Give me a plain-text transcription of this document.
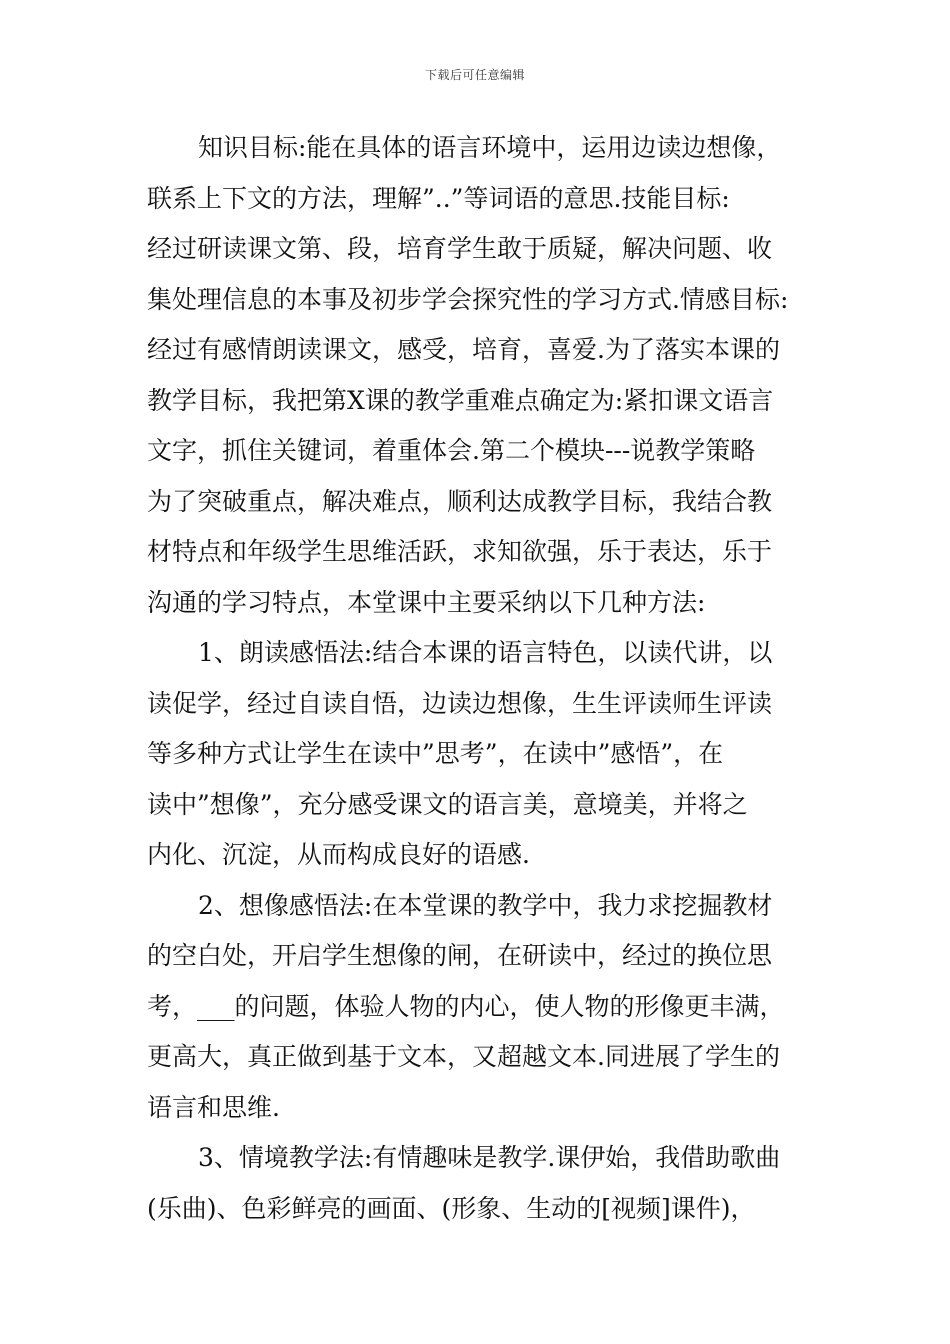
下载后可任意编辑
知识目标:能在具体的语言环境中，运用边读边想像，
联系上下文的方法，理解”..”等词语的意思.技能目标:
经过研读课文第、段，培育学生敢于质疑，解决问题、收
集处理信息的本事及初步学会探究性的学习方式.情感目标:
经过有感情朗读课文，感受，培育，喜爱.为了落实本课的
教学目标，我把第X课的教学重难点确定为:紧扣课文语言
文字，抓住关键词，着重体会.第二个模块---说教学策略
为了突破重点，解决难点，顺利达成教学目标，我结合教
材特点和年级学生思维活跃，求知欲强，乐于表达，乐于
沟通的学习特点，本堂课中主要采纳以下几种方法:
1、朗读感悟法:结合本课的语言特色，以读代讲，以
读促学，经过自读自悟，边读边想像，生生评读师生评读
等多种方式让学生在读中”思考”，在读中”感悟”，在
读中”想像”，充分感受课文的语言美，意境美，并将之
内化、沉淀，从而构成良好的语感.
2、想像感悟法:在本堂课的教学中，我力求挖掘教材
的空白处，开启学生想像的闸，在研读中，经过的换位思
考，___的问题，体验人物的内心，使人物的形像更丰满，
更高大，真正做到基于文本，又超越文本.同进展了学生的
语言和思维.
3、情境教学法:有情趣味是教学.课伊始，我借助歌曲
(乐曲)、色彩鲜亮的画面、(形象、生动的[视频]课件)，
